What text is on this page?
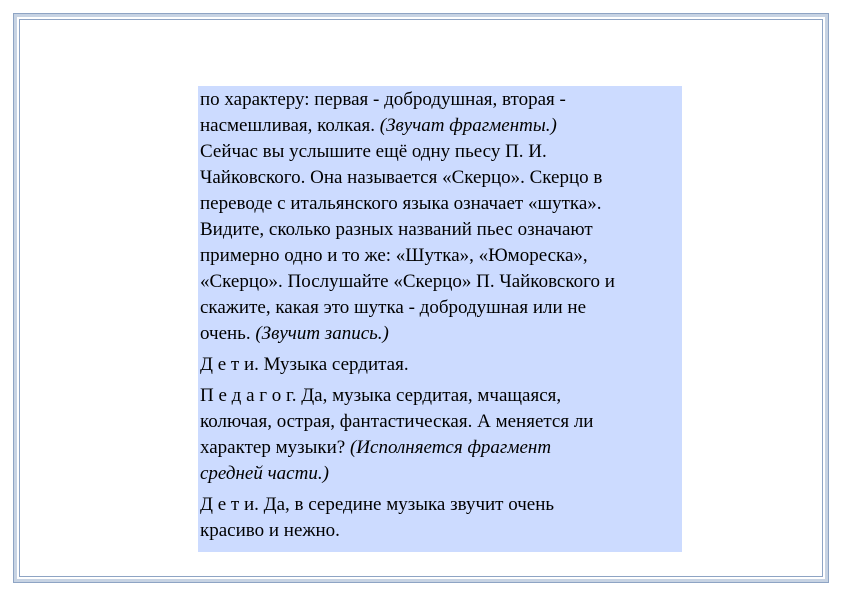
по характеру: первая - добродушная, вторая -
насмешливая, колкая. (Звучат фрагменты.)
Сейчас вы услышите ещё одну пьесу П. И.
Чайковского. Она называется «Скерцо». Скерцо в
переводе с итальянского языка означает «шутка».
Видите, сколько разных названий пьес означают
примерно одно и то же: «Шутка», «Юмореска»,
«Скерцо». Послушайте «Скерцо» П. Чайковского и
скажите, какая это шутка - добродушная или не
очень. (Звучит запись.)

Д е т и. Музыка сердитая.

П е д а г о г. Да, музыка сердитая, мчащаяся,
колючая, острая, фантастическая. А меняется ли
характер музыки? (Исполняется фрагмент
средней части.)

Д е т и. Да, в середине музыка звучит очень
красиво и нежно.
